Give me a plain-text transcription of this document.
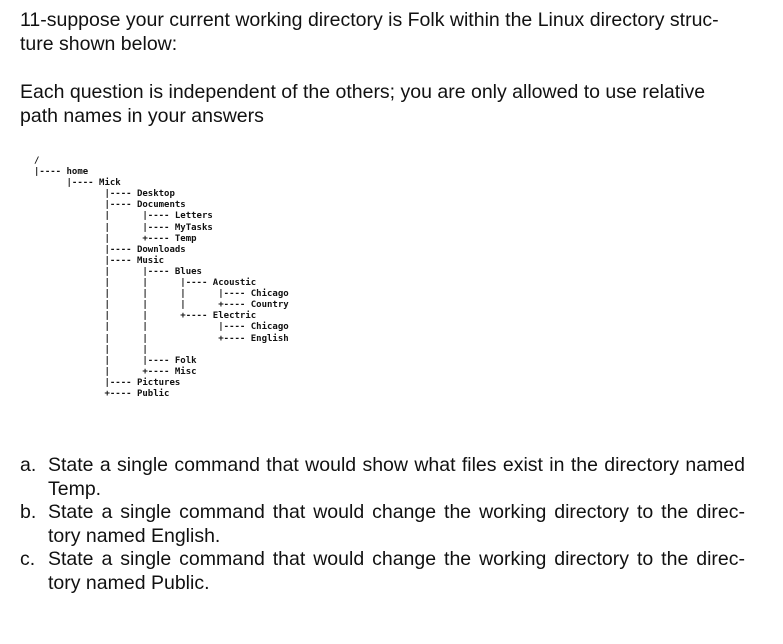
11-suppose your current working directory is Folk within the Linux directory struc-
ture shown below:

Each question is independent of the others; you are only allowed to use relative
path names in your answers

/
|---- home
|---- Mick
|---- Desktop
|---- Documents
|      |---- Letters
|      |---- MyTasks
|      +---- Temp
|---- Downloads
|---- Music
|      |---- Blues
|      |      |---- Acoustic
|      |      |      |---- Chicago
|      |      |      +---- Country
|      |      +---- Electric
|      |             |---- Chicago
|      |             +---- English
|      |
|      |---- Folk
|      +---- Misc
|---- Pictures
+---- Public
a. State a single command that would show what files exist in the directory named Temp.
b. State a single command that would change the working directory to the direc- tory named English.
c. State a single command that would change the working directory to the direc- tory named Public.
